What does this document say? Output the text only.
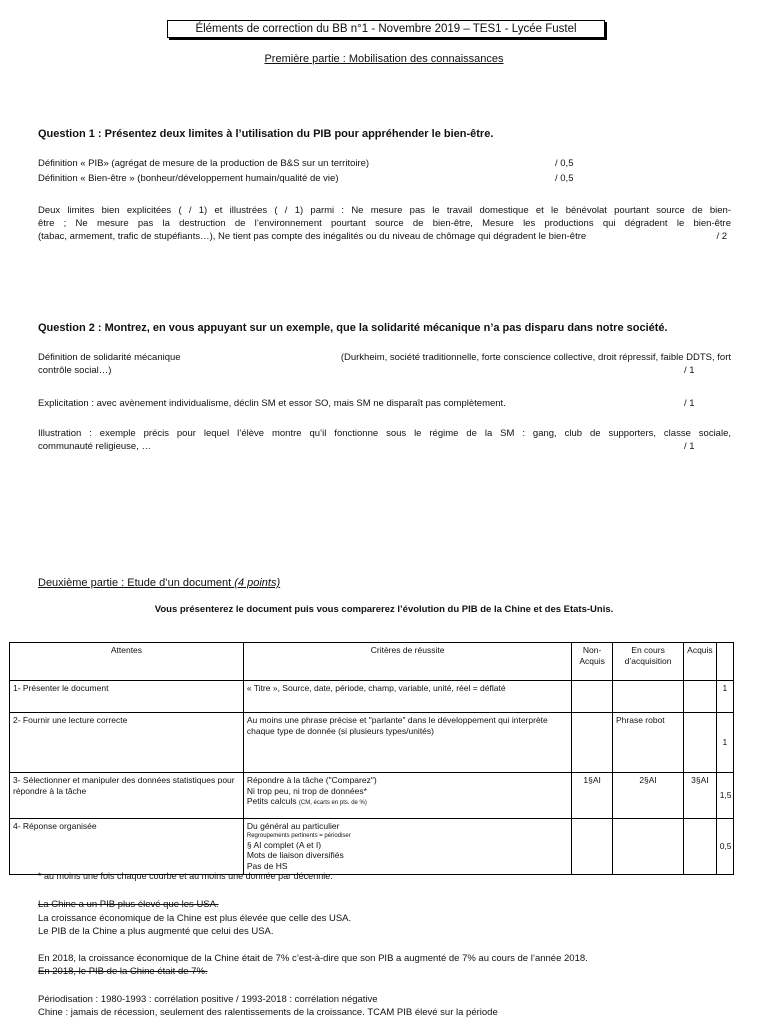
Éléments de correction du BB n°1 - Novembre 2019 – TES1 - Lycée Fustel
Première partie : Mobilisation des connaissances
Question 1 : Présentez deux limites à l’utilisation du PIB pour appréhender le bien-être.
Définition « PIB» (agrégat de mesure de la production de B&S sur un territoire)	/ 0,5
Définition « Bien-être » (bonheur/développement humain/qualité de vie)	/ 0,5
Deux limites bien explicitées ( / 1) et illustrées ( / 1) parmi : Ne mesure pas le travail domestique et le bénévolat pourtant source de bien-
être ; Ne mesure pas la destruction de l’environnement pourtant source de bien-être, Mesure les productions qui dégradent le bien-être
(tabac, armement, trafic de stupéfiants…), Ne tient pas compte des inégalités ou du niveau de chômage qui dégradent le bien-être	/ 2
Question 2 : Montrez, en vous appuyant sur un exemple, que la solidarité mécanique n’a pas disparu dans notre société.
Définition de solidarité mécanique	(Durkheim, société traditionnelle, forte conscience collective, droit répressif, faible DDTS, fort
contrôle social…)	/ 1
Explicitation : avec avènement individualisme, déclin SM et essor SO, mais SM ne disparaît pas complètement.	/ 1
Illustration : exemple précis pour lequel l’élève montre qu’il fonctionne sous le régime de la SM : gang, club de supporters, classe sociale,
communauté religieuse, …	/ 1
Deuxième partie : Etude d’un document (4 points)
Vous présenterez le document puis vous comparerez l’évolution du PIB de la Chine et des Etats-Unis.
Attentes	Critères de réussite	Non-Acquis	En cours d’acquisition	Acquis	
1- Présenter le document	« Titre », Source, date, période, champ, variable, unité, réel = déflaté				1
2- Fournir une lecture correcte	Au moins une phrase précise et "parlante" dans le développement qui interprète chaque type de donnée (si plusieurs types/unités)		Phrase robot		1
3- Sélectionner et manipuler des données statistiques pour répondre à la tâche	Répondre à la tâche ("Comparez")
Ni trop peu, ni trop de données*
Petits calculs (CM, écarts en pts. de %)	1§AI	2§AI	3§AI	1,5
4- Réponse organisée	Du général au particulier
Regroupements pertinents = périodiser
§ AI complet (A et I)
Mots de liaison diversifiés
Pas de HS				0,5
* au moins une fois chaque courbe et au moins une donnée par décennie.
La Chine a un PIB plus élevé que les USA.
La croissance économique de la Chine est plus élevée que celle des USA.
Le PIB de la Chine a plus augmenté que celui des USA.
En 2018, la croissance économique de la Chine était de 7% c’est-à-dire que son PIB a augmenté de 7% au cours de l’année 2018.
En 2018, le PIB de la Chine était de 7%.
Périodisation : 1980-1993 : corrélation positive / 1993-2018 : corrélation négative
Chine : jamais de récession, seulement des ralentissements de la croissance. TCAM PIB élevé sur la période
